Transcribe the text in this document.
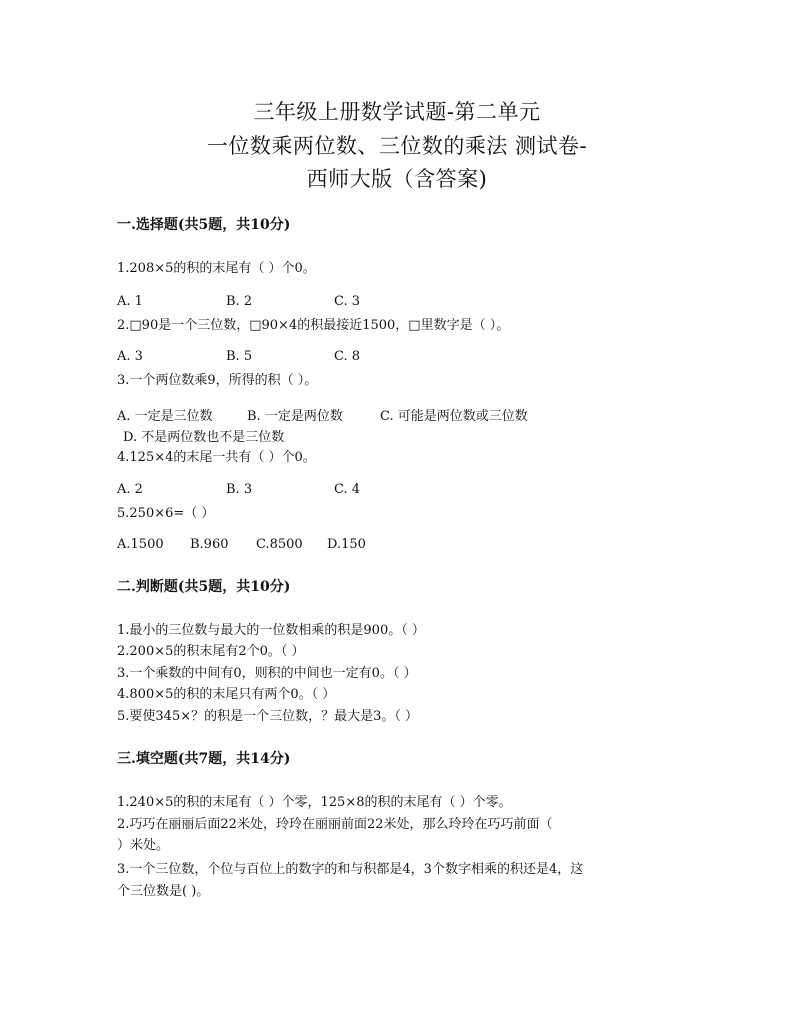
三年级上册数学试题-第二单元
一位数乘两位数、三位数的乘法 测试卷-
西师大版（含答案)
一.选择题(共5题，共10分)
1.208×5的积的末尾有（ ）个0。
A. 1	B. 2	C. 3
2.□90是一个三位数，□90×4的积最接近1500，□里数字是（ ）。
A. 3	B. 5	C. 8
3.一个两位数乘9，所得的积（ ）。
A. 一定是三位数	B. 一定是两位数	C. 可能是两位数或三位数
D. 不是两位数也不是三位数
4.125×4的末尾一共有（ ）个0。
A. 2	B. 3	C. 4
5.250×6=（ ）
A.1500 B.960 C.8500 D.150
二.判断题(共5题，共10分)
1.最小的三位数与最大的一位数相乘的积是900。（ ）
2.200×5的积末尾有2个0。（ ）
3.一个乘数的中间有0，则积的中间也一定有0。（ ）
4.800×5的积的末尾只有两个0。（ ）
5.要使345×？的积是一个三位数，？最大是3。（ ）
三.填空题(共7题，共14分)
1.240×5的积的末尾有（ ）个零，125×8的积的末尾有（ ）个零。
2.巧巧在丽丽后面22米处，玲玲在丽丽前面22米处，那么玲玲在巧巧前面（
）米处。
3.一个三位数，个位与百位上的数字的和与积都是4，3个数字相乘的积还是4，这
个三位数是( )。
